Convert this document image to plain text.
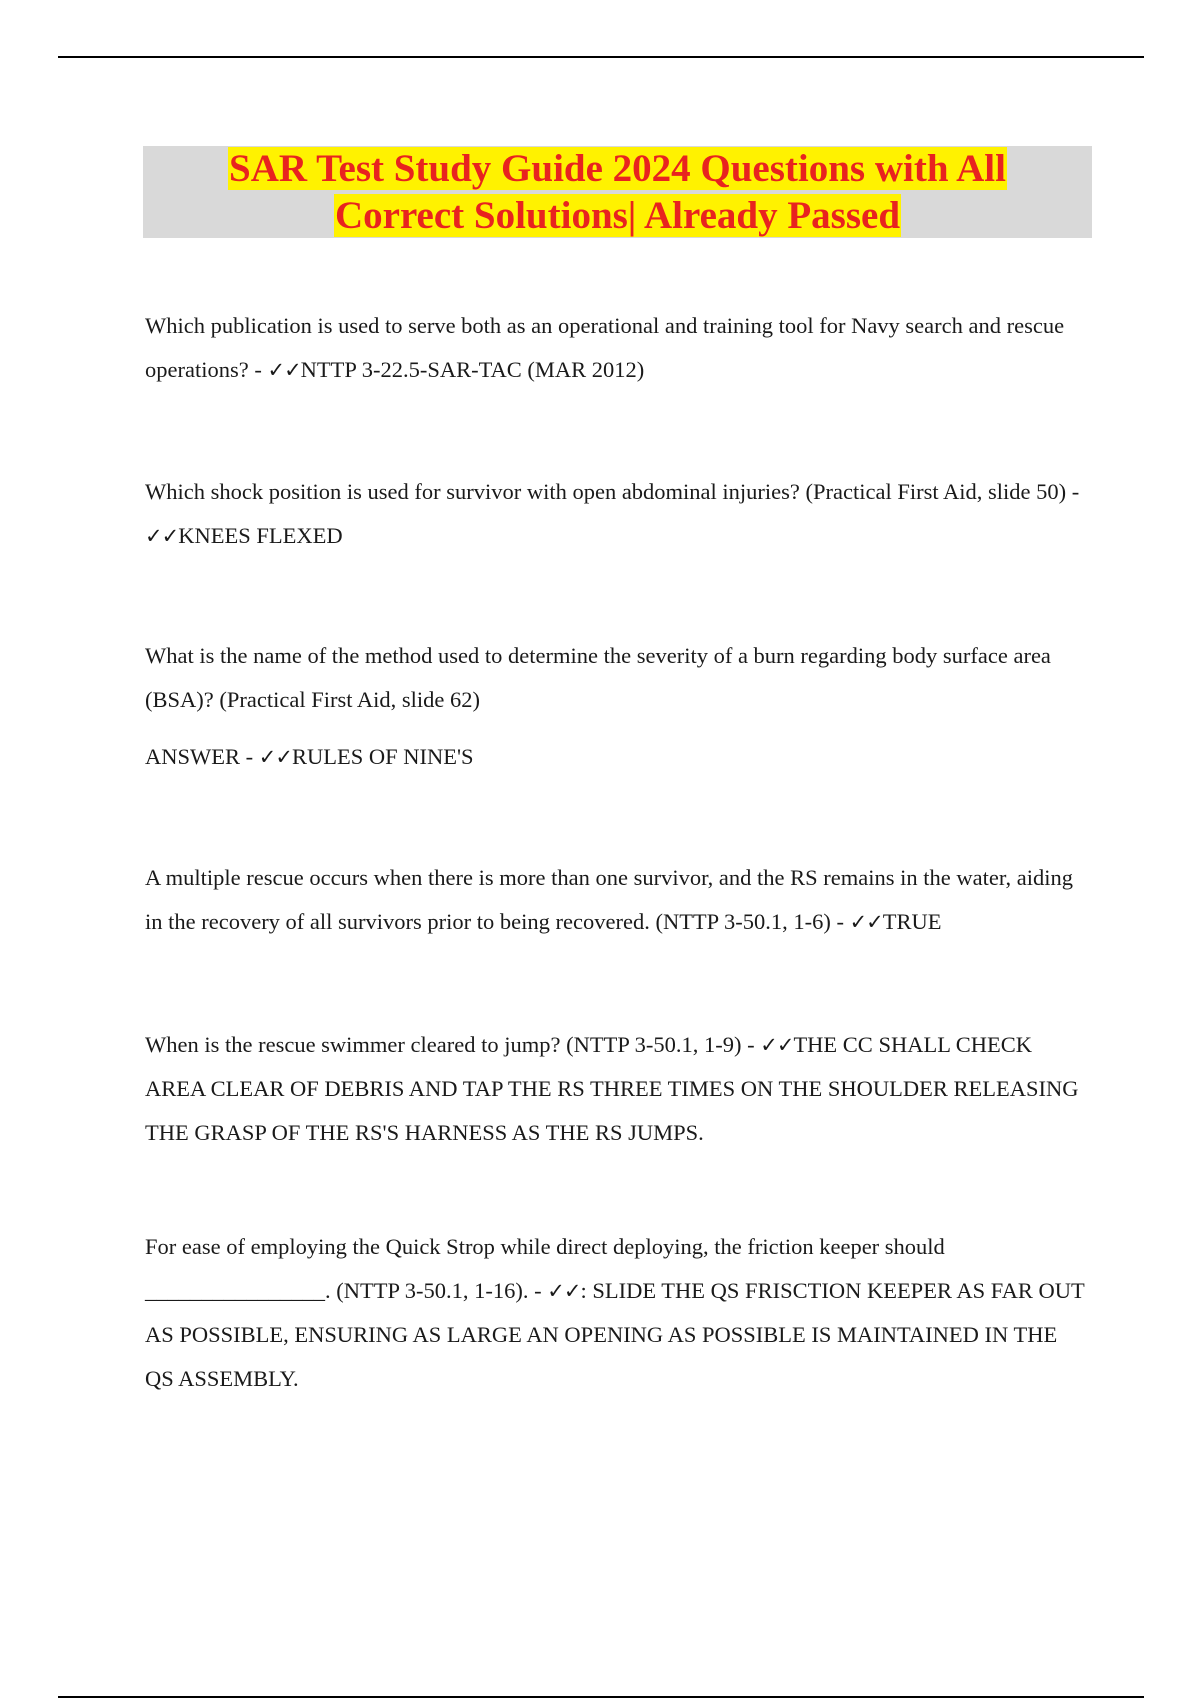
SAR Test Study Guide 2024 Questions with All
Correct Solutions| Already Passed

Which publication is used to serve both as an operational and training tool for Navy search and rescue operations? - ✓✓NTTP 3-22.5-SAR-TAC (MAR 2012)

Which shock position is used for survivor with open abdominal injuries? (Practical First Aid, slide 50) - ✓✓KNEES FLEXED

What is the name of the method used to determine the severity of a burn regarding body surface area (BSA)? (Practical First Aid, slide 62)

ANSWER - ✓✓RULES OF NINE'S

A multiple rescue occurs when there is more than one survivor, and the RS remains in the water, aiding in the recovery of all survivors prior to being recovered. (NTTP 3-50.1, 1-6) - ✓✓TRUE

When is the rescue swimmer cleared to jump? (NTTP 3-50.1, 1-9) - ✓✓THE CC SHALL CHECK AREA CLEAR OF DEBRIS AND TAP THE RS THREE TIMES ON THE SHOULDER RELEASING THE GRASP OF THE RS'S HARNESS AS THE RS JUMPS.

For ease of employing the Quick Strop while direct deploying, the friction keeper should ________________. (NTTP 3-50.1, 1-16). - ✓✓: SLIDE THE QS FRISCTION KEEPER AS FAR OUT AS POSSIBLE, ENSURING AS LARGE AN OPENING AS POSSIBLE IS MAINTAINED IN THE QS ASSEMBLY.
